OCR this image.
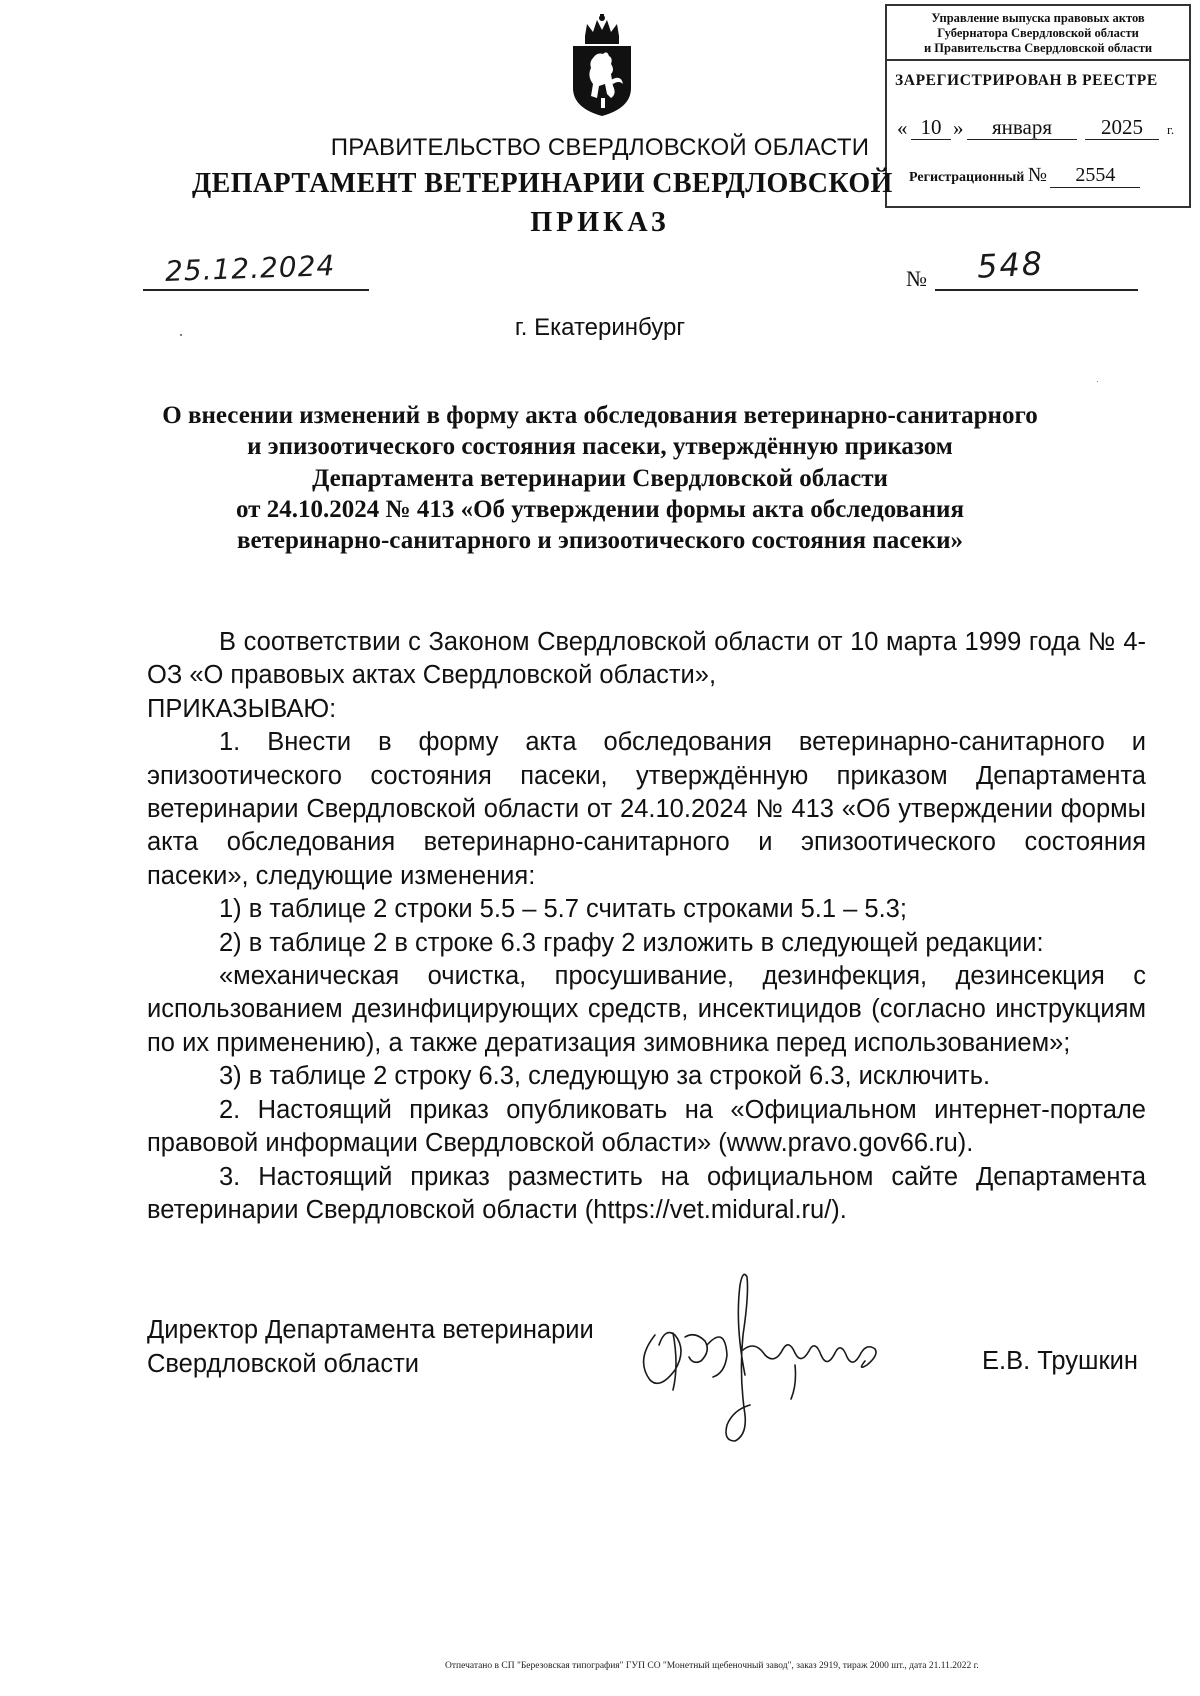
Управление выпуска правовых актов
Губернатора Свердловской области
и Правительства Свердловской области
ЗАРЕГИСТРИРОВАН В РЕЕСТРЕ
« 10 »	января	2025	г.
Регистрационный № 2554
ПРАВИТЕЛЬСТВО СВЕРДЛОВСКОЙ ОБЛАСТИ
ДЕПАРТАМЕНТ ВЕТЕРИНАРИИ СВЕРДЛОВСКОЙ
ПРИКАЗ
25.12.2024	№ 548
г. Екатеринбург
О внесении изменений в форму акта обследования ветеринарно-санитарного
и эпизоотического состояния пасеки, утверждённую приказом
Департамента ветеринарии Свердловской области
от 24.10.2024 № 413 «Об утверждении формы акта обследования
ветеринарно-санитарного и эпизоотического состояния пасеки»

В соответствии с Законом Свердловской области от 10 марта 1999 года № 4-ОЗ «О правовых актах Свердловской области»,

ПРИКАЗЫВАЮ:

1. Внести в форму акта обследования ветеринарно-санитарного и эпизоотического состояния пасеки, утверждённую приказом Департамента ветеринарии Свердловской области от 24.10.2024 № 413 «Об утверждении формы акта обследования ветеринарно-санитарного и эпизоотического состояния пасеки», следующие изменения:

1) в таблице 2 строки 5.5 – 5.7 считать строками 5.1 – 5.3;

2) в таблице 2 в строке 6.3 графу 2 изложить в следующей редакции:

«механическая очистка, просушивание, дезинфекция, дезинсекция с использованием дезинфицирующих средств, инсектицидов (согласно инструкциям по их применению), а также дератизация зимовника перед использованием»;

3) в таблице 2 строку 6.3, следующую за строкой 6.3, исключить.

2. Настоящий приказ опубликовать на «Официальном интернет-портале правовой информации Свердловской области» (www.pravo.gov66.ru).

3. Настоящий приказ разместить на официальном сайте Департамента ветеринарии Свердловской области (https://vet.midural.ru/).

Директор Департамента ветеринарии
Свердловской области	Е.В. Трушкин
Отпечатано в СП "Березовская типография" ГУП СО "Монетный щебеночный завод", заказ 2919, тираж 2000 шт., дата 21.11.2022 г.
